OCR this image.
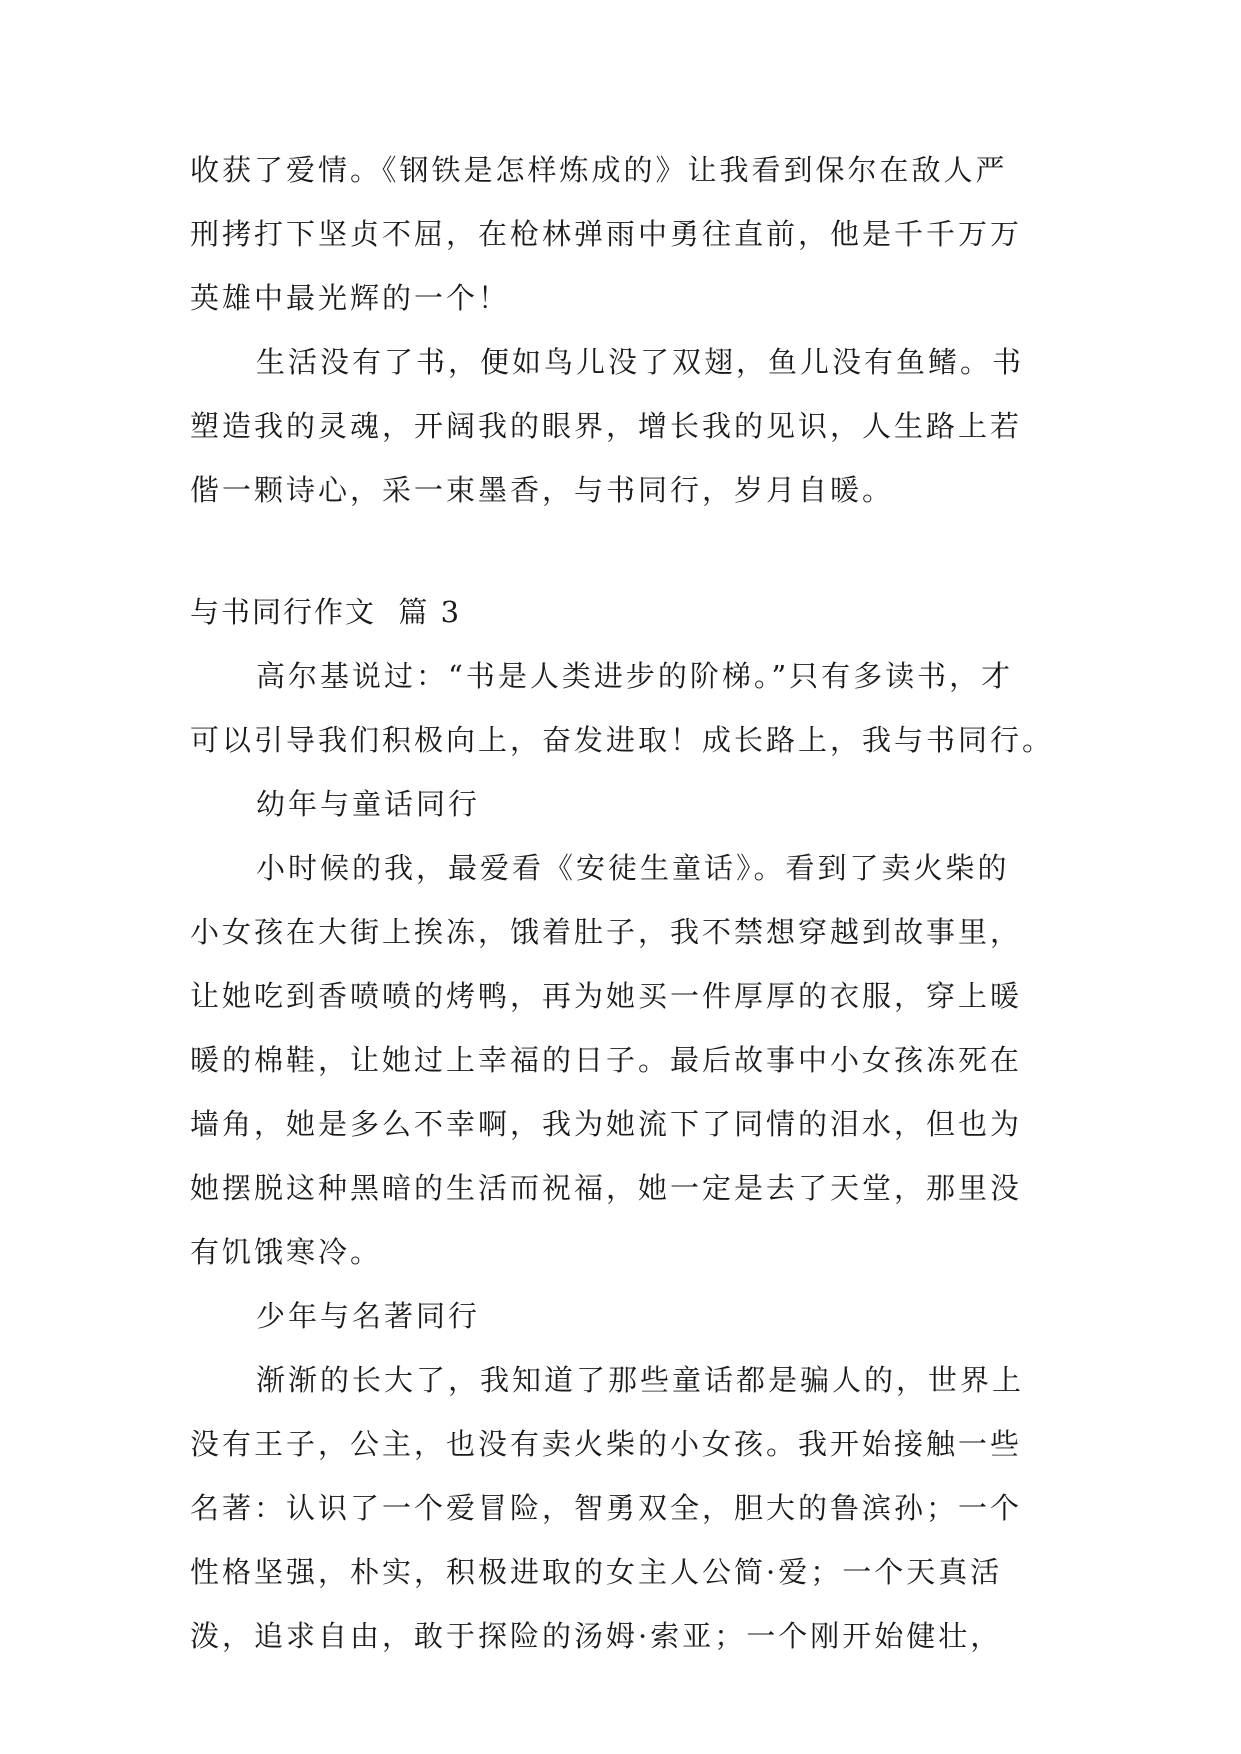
收获了爱情。《钢铁是怎样炼成的》让我看到保尔在敌人严
刑拷打下坚贞不屈，在枪林弹雨中勇往直前，他是千千万万
英雄中最光辉的一个！
生活没有了书，便如鸟儿没了双翅，鱼儿没有鱼鳍。书
塑造我的灵魂，开阔我的眼界，增长我的见识，人生路上若
偕一颗诗心，采一束墨香，与书同行，岁月自暖。
与书同行作文  篇 3
高尔基说过：“书是人类进步的阶梯。”只有多读书，才
可以引导我们积极向上，奋发进取！成长路上，我与书同行。
幼年与童话同行
小时候的我，最爱看《安徒生童话》。看到了卖火柴的
小女孩在大街上挨冻，饿着肚子，我不禁想穿越到故事里，
让她吃到香喷喷的烤鸭，再为她买一件厚厚的衣服，穿上暖
暖的棉鞋，让她过上幸福的日子。最后故事中小女孩冻死在
墙角，她是多么不幸啊，我为她流下了同情的泪水，但也为
她摆脱这种黑暗的生活而祝福，她一定是去了天堂，那里没
有饥饿寒冷。
少年与名著同行
渐渐的长大了，我知道了那些童话都是骗人的，世界上
没有王子，公主，也没有卖火柴的小女孩。我开始接触一些
名著：认识了一个爱冒险，智勇双全，胆大的鲁滨孙；一个
性格坚强，朴实，积极进取的女主人公简·爱；一个天真活
泼，追求自由，敢于探险的汤姆·索亚；一个刚开始健壮，
